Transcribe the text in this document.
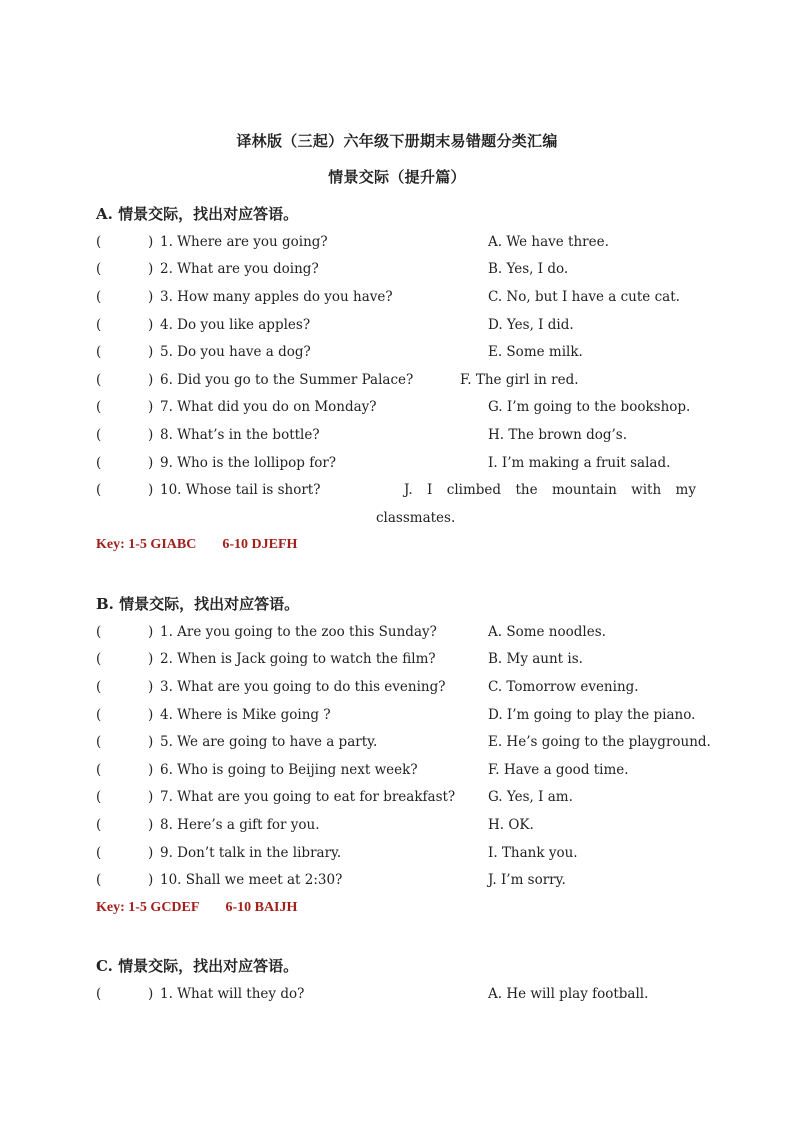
译林版（三起）六年级下册期末易错题分类汇编
情景交际（提升篇）
A. 情景交际，找出对应答语。
(	) 1. Where are you going?	A. We have three.
(	) 2. What are you doing?	B. Yes, I do.
(	) 3. How many apples do you have?	C. No, but I have a cute cat.
(	) 4. Do you like apples?	D. Yes, I did.
(	) 5. Do you have a dog?	E. Some milk.
(	) 6. Did you go to the Summer Palace?	F. The girl in red.
(	) 7. What did you do on Monday?	G. I’m going to the bookshop.
(	) 8. What’s in the bottle?	H. The brown dog’s.
(	) 9. Who is the lollipop for?	I. I’m making a fruit salad.
(	) 10. Whose tail is short?	J. I climbed the mountain with my
classmates.
Key: 1-5 GIABC 6-10 DJEFH
B. 情景交际，找出对应答语。
(	) 1. Are you going to the zoo this Sunday?	A. Some noodles.
(	) 2. When is Jack going to watch the film?	B. My aunt is.
(	) 3. What are you going to do this evening?	C. Tomorrow evening.
(	) 4. Where is Mike going ?	D. I’m going to play the piano.
(	) 5. We are going to have a party.	E. He’s going to the playground.
(	) 6. Who is going to Beijing next week?	F. Have a good time.
(	) 7. What are you going to eat for breakfast? G. Yes, I am.
(	) 8. Here’s a gift for you.	H. OK.
(	) 9. Don’t talk in the library.	I. Thank you.
(	) 10. Shall we meet at 2:30?	J. I’m sorry.
Key: 1-5 GCDEF 6-10 BAIJH
C. 情景交际，找出对应答语。
(	) 1. What will they do?	A. He will play football.
